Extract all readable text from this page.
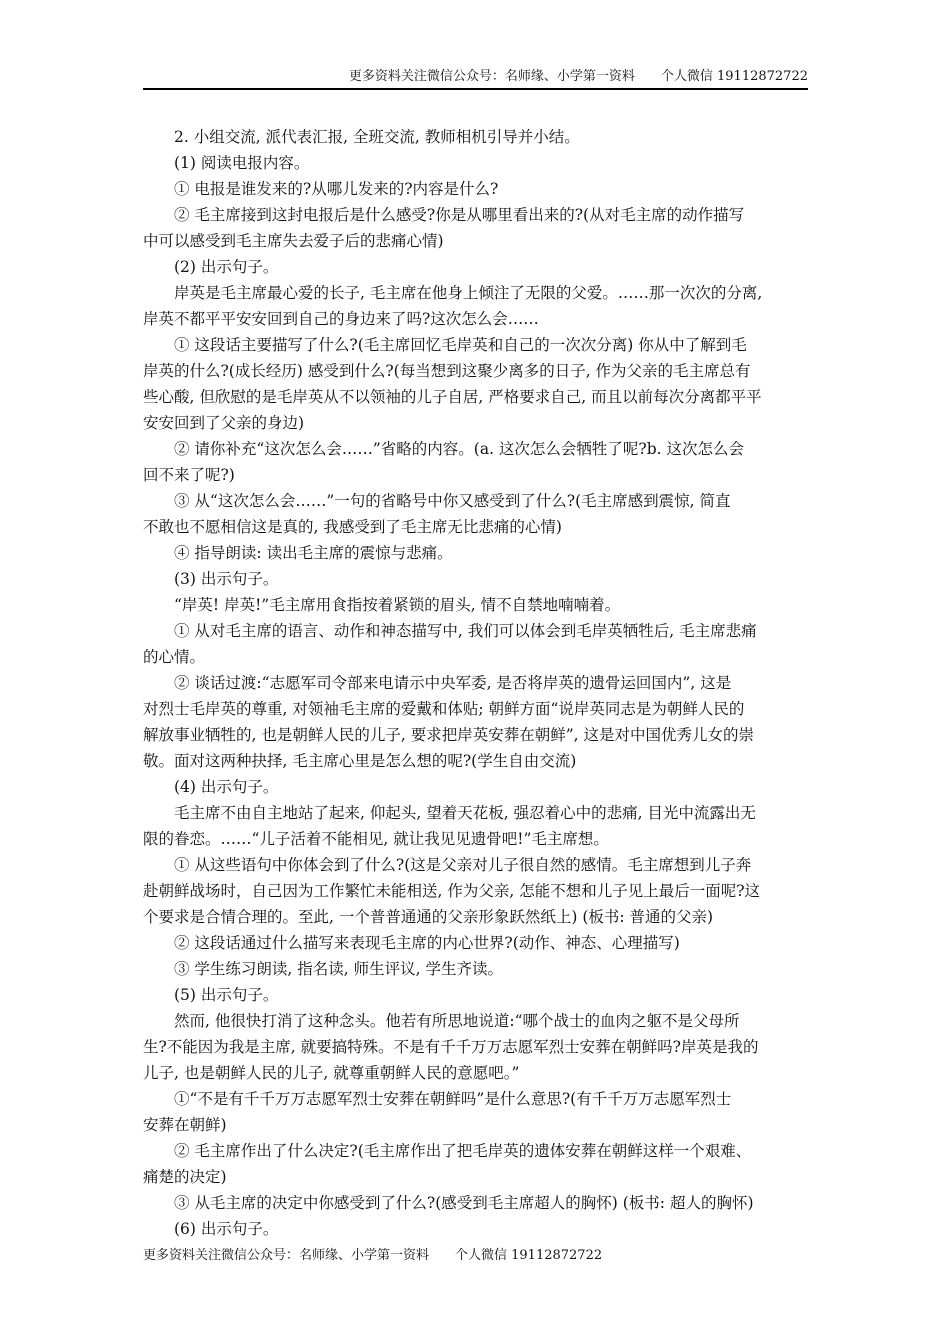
更多资料关注微信公众号：名师缘、小学第一资料　　个人微信 19112872722

2. 小组交流, 派代表汇报, 全班交流, 教师相机引导并小结。

(1) 阅读电报内容。

① 电报是谁发来的?从哪儿发来的?内容是什么?

② 毛主席接到这封电报后是什么感受?你是从哪里看出来的?(从对毛主席的动作描写

中可以感受到毛主席失去爱子后的悲痛心情)

(2) 出示句子。

岸英是毛主席最心爱的长子, 毛主席在他身上倾注了无限的父爱。……那一次次的分离,

岸英不都平平安安回到自己的身边来了吗?这次怎么会……

① 这段话主要描写了什么?(毛主席回忆毛岸英和自己的一次次分离) 你从中了解到毛

岸英的什么?(成长经历) 感受到什么?(每当想到这聚少离多的日子, 作为父亲的毛主席总有

些心酸, 但欣慰的是毛岸英从不以领袖的儿子自居, 严格要求自己, 而且以前每次分离都平平

安安回到了父亲的身边)

② 请你补充“这次怎么会……”省略的内容。(a. 这次怎么会牺牲了呢?b. 这次怎么会

回不来了呢?)

③ 从“这次怎么会……”一句的省略号中你又感受到了什么?(毛主席感到震惊, 简直

不敢也不愿相信这是真的, 我感受到了毛主席无比悲痛的心情)

④ 指导朗读: 读出毛主席的震惊与悲痛。

(3) 出示句子。

“岸英! 岸英!”毛主席用食指按着紧锁的眉头, 情不自禁地喃喃着。

① 从对毛主席的语言、动作和神态描写中, 我们可以体会到毛岸英牺牲后, 毛主席悲痛

的心情。

② 谈话过渡:“志愿军司令部来电请示中央军委, 是否将岸英的遗骨运回国内”, 这是

对烈士毛岸英的尊重, 对领袖毛主席的爱戴和体贴; 朝鲜方面“说岸英同志是为朝鲜人民的

解放事业牺牲的, 也是朝鲜人民的儿子, 要求把岸英安葬在朝鲜”, 这是对中国优秀儿女的崇

敬。面对这两种抉择, 毛主席心里是怎么想的呢?(学生自由交流)

(4) 出示句子。

毛主席不由自主地站了起来, 仰起头, 望着天花板, 强忍着心中的悲痛, 目光中流露出无

限的眷恋。……“儿子活着不能相见, 就让我见见遗骨吧!”毛主席想。

① 从这些语句中你体会到了什么?(这是父亲对儿子很自然的感情。毛主席想到儿子奔

赴朝鲜战场时，自己因为工作繁忙未能相送, 作为父亲, 怎能不想和儿子见上最后一面呢?这

个要求是合情合理的。至此, 一个普普通通的父亲形象跃然纸上) (板书: 普通的父亲)

② 这段话通过什么描写来表现毛主席的内心世界?(动作、神态、心理描写)

③ 学生练习朗读, 指名读, 师生评议, 学生齐读。

(5) 出示句子。

然而, 他很快打消了这种念头。他若有所思地说道:“哪个战士的血肉之躯不是父母所

生?不能因为我是主席, 就要搞特殊。不是有千千万万志愿军烈士安葬在朝鲜吗?岸英是我的

儿子, 也是朝鲜人民的儿子, 就尊重朝鲜人民的意愿吧。”

①“不是有千千万万志愿军烈士安葬在朝鲜吗”是什么意思?(有千千万万志愿军烈士

安葬在朝鲜)

② 毛主席作出了什么决定?(毛主席作出了把毛岸英的遗体安葬在朝鲜这样一个艰难、

痛楚的决定)

③ 从毛主席的决定中你感受到了什么?(感受到毛主席超人的胸怀) (板书: 超人的胸怀)

(6) 出示句子。

更多资料关注微信公众号：名师缘、小学第一资料　　个人微信 19112872722
